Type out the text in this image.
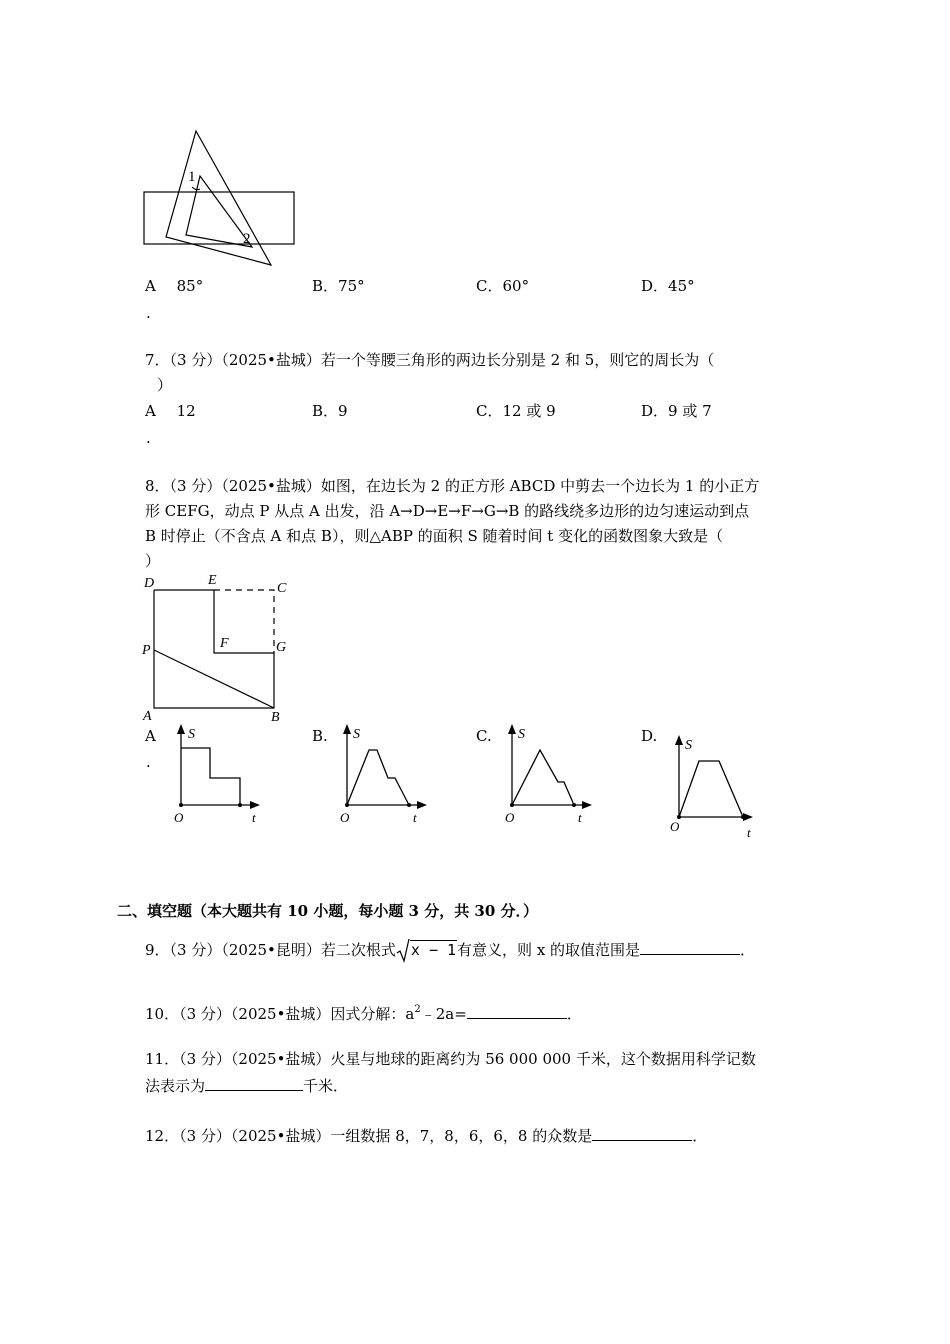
1
2
A 85°
.
B．75°	C．60°	D．45°
7．（3 分）（2025•盐城）若一个等腰三角形的两边长分别是 2 和 5，则它的周长为（
）
A 12
.
B．9	C．12 或 9	D．9 或 7
8．（3 分）（2025•盐城）如图，在边长为 2 的正方形 ABCD 中剪去一个边长为 1 的小正方
形 CEFG，动点 P 从点 A 出发，沿 A→D→E→F→G→B 的路线绕多边形的边匀速运动到点
B 时停止（不含点 A 和点 B），则△ABP 的面积 S 随着时间 t 变化的函数图象大致是（
）
D	E
C
P	F	G
A	B
A
.
B.	C.	D.
S
O	t
S
O	t
S
O	t
S
O	t
二、填空题（本大题共有 10 小题，每小题 3 分，共 30 分．）
9．（3 分）（2025•昆明）若二次根式 x − 1有意义，则 x 的取值范围是	．
10．（3 分）（2025•盐城）因式分解：$a^2﹣2a=$	．
11．（3 分）（2025•盐城）火星与地球的距离约为 56 000 000 千米，这个数据用科学记数
法表示为	千米．
12．（3 分）（2025•盐城）一组数据 8，7，8，6，6，8 的众数是	．
